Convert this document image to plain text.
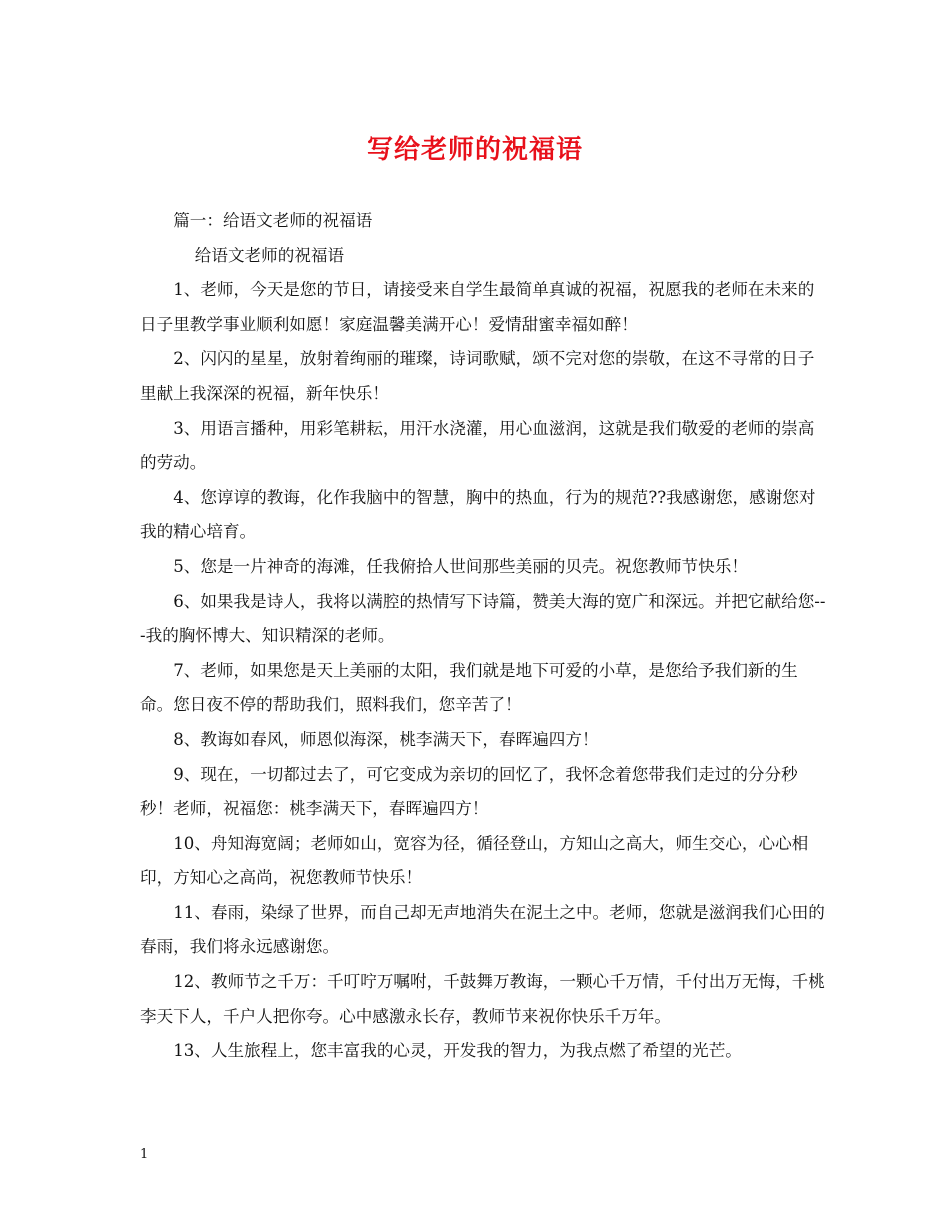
写给老师的祝福语

篇一：给语文老师的祝福语

给语文老师的祝福语

1、老师，今天是您的节日，请接受来自学生最简单真诚的祝福，祝愿我的老师在未来的日子里教学事业顺利如愿！家庭温馨美满开心！爱情甜蜜幸福如醉！

2、闪闪的星星，放射着绚丽的璀璨，诗词歌赋，颂不完对您的崇敬，在这不寻常的日子里献上我深深的祝福，新年快乐！

3、用语言播种，用彩笔耕耘，用汗水浇灌，用心血滋润，这就是我们敬爱的老师的崇高的劳动。

4、您谆谆的教诲，化作我脑中的智慧，胸中的热血，行为的规范??我感谢您，感谢您对我的精心培育。

5、您是一片神奇的海滩，任我俯拾人世间那些美丽的贝壳。祝您教师节快乐！

6、如果我是诗人，我将以满腔的热情写下诗篇，赞美大海的宽广和深远。并把它献给您---我的胸怀博大、知识精深的老师。

7、老师，如果您是天上美丽的太阳，我们就是地下可爱的小草，是您给予我们新的生命。您日夜不停的帮助我们，照料我们，您辛苦了！

8、教诲如春风，师恩似海深，桃李满天下，春晖遍四方！

9、现在，一切都过去了，可它变成为亲切的回忆了，我怀念着您带我们走过的分分秒秒！老师，祝福您：桃李满天下，春晖遍四方！

10、舟知海宽阔；老师如山，宽容为径，循径登山，方知山之高大，师生交心，心心相印，方知心之高尚，祝您教师节快乐！

11、春雨，染绿了世界，而自己却无声地消失在泥土之中。老师，您就是滋润我们心田的春雨，我们将永远感谢您。

12、教师节之千万：千叮咛万嘱咐，千鼓舞万教诲，一颗心千万情，千付出万无悔，千桃李天下人，千户人把你夸。心中感激永长存，教师节来祝你快乐千万年。

13、人生旅程上，您丰富我的心灵，开发我的智力，为我点燃了希望的光芒。

1
